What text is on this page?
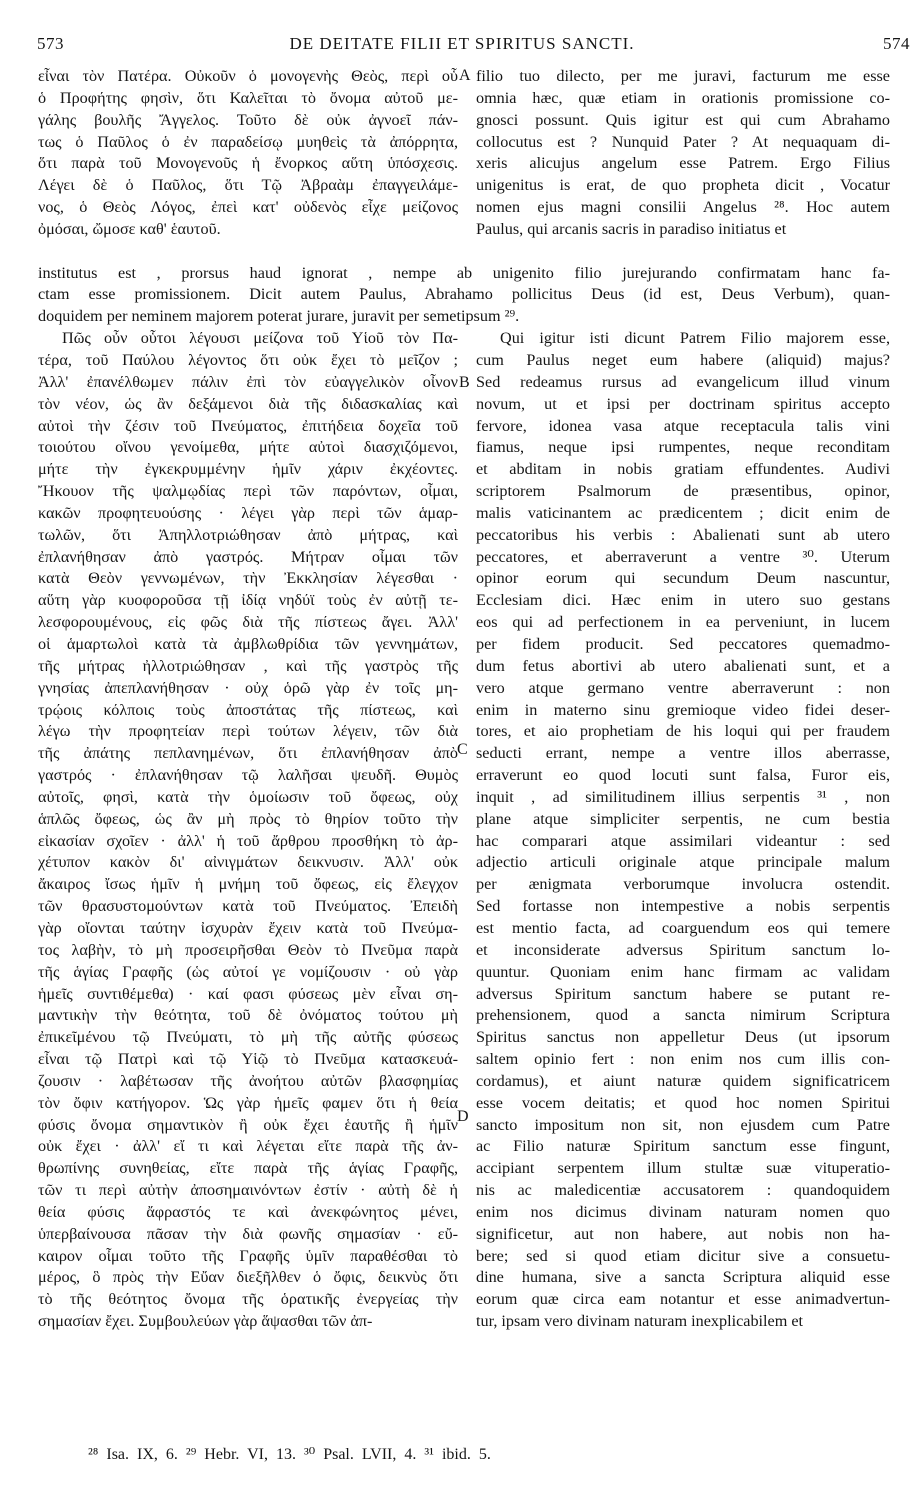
573	DE DEITATE FILII ET SPIRITUS SANCTI.	574
εἶναι τὸν Πατέρα. Οὐκοῦν ὁ μονογενὴς Θεὸς, περὶ οὗ
ὁ Προφήτης φησὶν, ὅτι Καλεῖται τὸ ὄνομα αὐτοῦ με-
γάλης βουλῆς Ἄγγελος. Τοῦτο δὲ οὐκ ἀγνοεῖ πάν-
τως ὁ Παῦλος ὁ ἐν παραδείσῳ μυηθεὶς τὰ ἀπόρρητα,
ὅτι παρὰ τοῦ Μονογενοῦς ἡ ἔνορκος αὕτη ὑπόσχεσις.
Λέγει δὲ ὁ Παῦλος, ὅτι Τῷ Ἀβραὰμ ἐπαγγειλάμε-
νος, ὁ Θεὸς Λόγος, ἐπεὶ κατ' οὐδενὸς εἶχε μείζονος
ὀμόσαι, ὤμοσε καθ' ἑαυτοῦ.
filio tuo dilecto, per me juravi, facturum me esse
omnia hæc, quæ etiam in orationis promissione co-
gnosci possunt. Quis igitur est qui cum Abrahamo
collocutus est ? Nunquid Pater ? At nequaquam di-
xeris alicujus angelum esse Patrem. Ergo Filius
unigenitus is erat, de quo propheta dicit , Vocatur
nomen ejus magni consilii Angelus ²⁸. Hoc autem
Paulus, qui arcanis sacris in paradiso initiatus et
institutus est , prorsus haud ignorat , nempe ab unigenito filio jurejurando confirmatam hanc fa-
ctam esse promissionem. Dicit autem Paulus, Abrahamo pollicitus Deus (id est, Deus Verbum), quan-
doquidem per neminem majorem poterat jurare, juravit per semetipsum ²⁹.
Πῶς οὖν οὗτοι λέγουσι μείζονα τοῦ Υἱοῦ τὸν Πα-
τέρα, τοῦ Παύλου λέγοντος ὅτι οὐκ ἔχει τὸ μεῖζον ;
Ἀλλ' ἐπανέλθωμεν πάλιν ἐπὶ τὸν εὐαγγελικὸν οἶνον
τὸν νέον, ὡς ἂν δεξάμενοι διὰ τῆς διδασκαλίας καὶ
αὐτοὶ τὴν ζέσιν τοῦ Πνεύματος, ἐπιτήδεια δοχεῖα τοῦ
τοιούτου οἴνου γενοίμεθα, μήτε αὐτοὶ διασχιζόμενοι,
μήτε τὴν ἐγκεκρυμμένην ἡμῖν χάριν ἐκχέοντες.
Ἤκουον τῆς ψαλμῳδίας περὶ τῶν παρόντων, οἶμαι,
κακῶν προφητευούσης · λέγει γὰρ περὶ τῶν ἁμαρ-
τωλῶν, ὅτι Ἀπηλλοτριώθησαν ἀπὸ μήτρας, καὶ
ἐπλανήθησαν ἀπὸ γαστρός. Μήτραν οἶμαι τῶν
κατὰ Θεὸν γεννωμένων, τὴν Ἐκκλησίαν λέγεσθαι ·
αὕτη γὰρ κυοφοροῦσα τῇ ἰδίᾳ νηδύϊ τοὺς ἐν αὐτῇ τε-
λεσφορουμένους, εἰς φῶς διὰ τῆς πίστεως ἄγει. Ἀλλ'
οἱ ἁμαρτωλοὶ κατὰ τὰ ἀμβλωθρίδια τῶν γεννημάτων,
τῆς μήτρας ἠλλοτριώθησαν , καὶ τῆς γαστρὸς τῆς
γνησίας ἀπεπλανήθησαν · οὐχ ὁρῶ γὰρ ἐν τοῖς μη-
τρῴοις κόλποις τοὺς ἀποστάτας τῆς πίστεως, καὶ
λέγω τὴν προφητείαν περὶ τούτων λέγειν, τῶν διὰ
τῆς ἀπάτης πεπλανημένων, ὅτι ἐπλανήθησαν ἀπὸ
γαστρός · ἐπλανήθησαν τῷ λαλῆσαι ψευδῆ. Θυμὸς
αὐτοῖς, φησὶ, κατὰ τὴν ὁμοίωσιν τοῦ ὄφεως, οὐχ
ἁπλῶς ὄφεως, ὡς ἂν μὴ πρὸς τὸ θηρίον τοῦτο τὴν
εἰκασίαν σχοῖεν · ἀλλ' ἡ τοῦ ἄρθρου προσθήκη τὸ ἀρ-
χέτυπον κακὸν δι' αἰνιγμάτων δεικνυσιν. Ἀλλ' οὐκ
ἄκαιρος ἴσως ἡμῖν ἡ μνήμη τοῦ ὄφεως, εἰς ἔλεγχον
τῶν θρασυστομούντων κατὰ τοῦ Πνεύματος. Ἐπειδὴ
γὰρ οἴονται ταύτην ἰσχυρὰν ἔχειν κατὰ τοῦ Πνεύμα-
τος λαβὴν, τὸ μὴ προσειρῆσθαι Θεὸν τὸ Πνεῦμα παρὰ
τῆς ἁγίας Γραφῆς (ὡς αὐτοί γε νομίζουσιν · οὐ γὰρ
ἡμεῖς συντιθέμεθα) · καί φασι φύσεως μὲν εἶναι ση-
μαντικὴν τὴν θεότητα, τοῦ δὲ ὀνόματος τούτου μὴ
ἐπικεῖμένου τῷ Πνεύματι, τὸ μὴ τῆς αὐτῆς φύσεως
εἶναι τῷ Πατρὶ καὶ τῷ Υἱῷ τὸ Πνεῦμα κατασκευά-
ζουσιν · λαβέτωσαν τῆς ἀνοήτου αὐτῶν βλασφημίας
τὸν ὄφιν κατήγορον. Ὡς γὰρ ἡμεῖς φαμεν ὅτι ἡ θεία
φύσις ὄνομα σημαντικὸν ἢ οὐκ ἔχει ἑαυτῆς ἢ ἡμῖν
οὐκ ἔχει · ἀλλ' εἴ τι καὶ λέγεται εἴτε παρὰ τῆς ἀν-
θρωπίνης συνηθείας, εἴτε παρὰ τῆς ἁγίας Γραφῆς,
τῶν τι περὶ αὐτὴν ἀποσημαινόντων ἐστίν · αὐτὴ δὲ ἡ
θεία φύσις ἄφραστός τε καὶ ἀνεκφώνητος μένει,
ὑπερβαίνουσα πᾶσαν τὴν διὰ φωνῆς σημασίαν · εὔ-
καιρον οἶμαι τοῦτο τῆς Γραφῆς ὑμῖν παραθέσθαι τὸ
μέρος, ὃ πρὸς τὴν Εὔαν διεξῆλθεν ὁ ὄφις, δεικνὺς ὅτι
τὸ τῆς θεότητος ὄνομα τῆς ὁρατικῆς ἐνεργείας τὴν
σημασίαν ἔχει. Συμβουλεύων γὰρ ἅψασθαι τῶν ἀπ-
Qui igitur isti dicunt Patrem Filio majorem esse,
cum Paulus neget eum habere (aliquid) majus?
Sed redeamus rursus ad evangelicum illud vinum
novum, ut et ipsi per doctrinam spiritus accepto
fervore, idonea vasa atque receptacula talis vini
fiamus, neque ipsi rumpentes, neque reconditam
et abditam in nobis gratiam effundentes. Audivi
scriptorem Psalmorum de præsentibus, opinor,
malis vaticinantem ac prædicentem ; dicit enim de
peccatoribus his verbis : Abalienati sunt ab utero
peccatores, et aberraverunt a ventre ³⁰. Uterum
opinor eorum qui secundum Deum nascuntur,
Ecclesiam dici. Hæc enim in utero suo gestans
eos qui ad perfectionem in ea perveniunt, in lucem
per fidem producit. Sed peccatores quemadmo-
dum fetus abortivi ab utero abalienati sunt, et a
vero atque germano ventre aberraverunt : non
enim in materno sinu gremioque video fidei deser-
tores, et aio prophetiam de his loqui qui per fraudem
seducti errant, nempe a ventre illos aberrasse,
erraverunt eo quod locuti sunt falsa, Furor eis,
inquit , ad similitudinem illius serpentis ³¹ , non
plane atque simpliciter serpentis, ne cum bestia
hac comparari atque assimilari videantur : sed
adjectio articuli originale atque principale malum
per ænigmata verborumque involucra ostendit.
Sed fortasse non intempestive a nobis serpentis
est mentio facta, ad coarguendum eos qui temere
et inconsiderate adversus Spiritum sanctum lo-
quuntur. Quoniam enim hanc firmam ac validam
adversus Spiritum sanctum habere se putant re-
prehensionem, quod a sancta nimirum Scriptura
Spiritus sanctus non appelletur Deus (ut ipsorum
saltem opinio fert : non enim nos cum illis con-
cordamus), et aiunt naturæ quidem significatricem
esse vocem deitatis; et quod hoc nomen Spiritui
sancto impositum non sit, non ejusdem cum Patre
ac Filio naturæ Spiritum sanctum esse fingunt,
accipiant serpentem illum stultæ suæ vituperatio-
nis ac maledicentiæ accusatorem : quandoquidem
enim nos dicimus divinam naturam nomen quo
significetur, aut non habere, aut nobis non ha-
bere; sed si quod etiam dicitur sive a consuetu-
dine humana, sive a sancta Scriptura aliquid esse
eorum quæ circa eam notantur et esse animadvertun-
tur, ipsam vero divinam naturam inexplicabilem et
A
B
C
D
²⁸ Isa. IX, 6. ²⁹ Hebr. VI, 13. ³⁰ Psal. LVII, 4. ³¹ ibid. 5.
